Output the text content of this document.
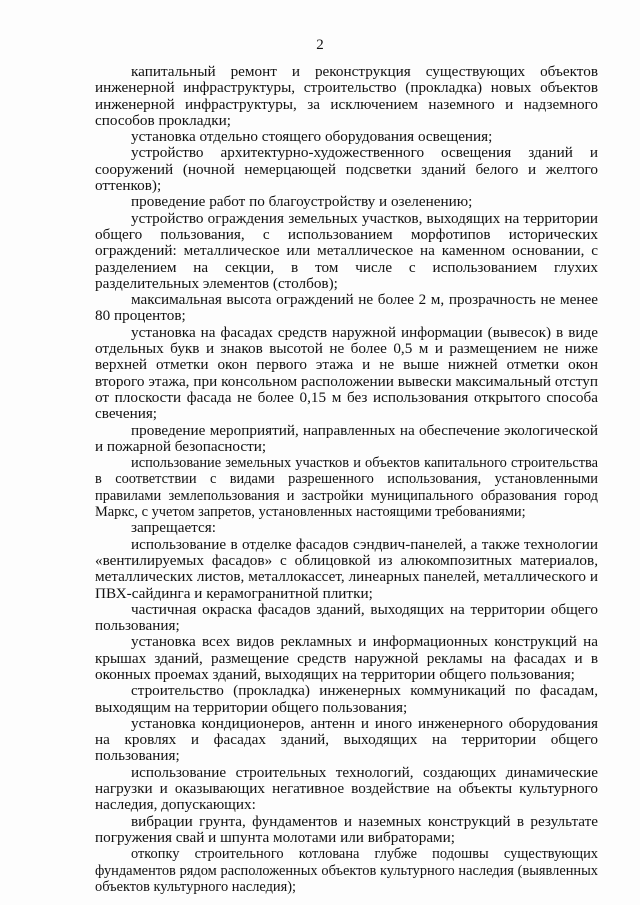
2

капитальный ремонт и реконструкция существующих объектов инженерной инфраструктуры, строительство (прокладка) новых объектов инженерной инфраструктуры, за исключением наземного и надземного способов прокладки;

установка отдельно стоящего оборудования освещения;

устройство архитектурно-художественного освещения зданий и сооружений (ночной немерцающей подсветки зданий белого и желтого оттенков);

проведение работ по благоустройству и озеленению;

устройство ограждения земельных участков, выходящих на территории общего пользования, с использованием морфотипов исторических ограждений: металлическое или металлическое на каменном основании, с разделением на секции, в том числе с использованием глухих разделительных элементов (столбов);

максимальная высота ограждений не более 2 м, прозрачность не менее 80 процентов;

установка на фасадах средств наружной информации (вывесок) в виде отдельных букв и знаков высотой не более 0,5 м и размещением не ниже верхней отметки окон первого этажа и не выше нижней отметки окон второго этажа, при консольном расположении вывески максимальный отступ от плоскости фасада не более 0,15 м без использования открытого способа свечения;

проведение мероприятий, направленных на обеспечение экологической и пожарной безопасности;

использование земельных участков и объектов капитального строительства в соответствии с видами разрешенного использования, установленными правилами землепользования и застройки муниципального образования город Маркс, с учетом запретов, установленных настоящими требованиями;

запрещается:

использование в отделке фасадов сэндвич-панелей, а также технологии «вентилируемых фасадов» с облицовкой из алюкомпозитных материалов, металлических листов, металлокассет, линеарных панелей, металлического и ПВХ-сайдинга и керамогранитной плитки;

частичная окраска фасадов зданий, выходящих на территории общего пользования;

установка всех видов рекламных и информационных конструкций на крышах зданий, размещение средств наружной рекламы на фасадах и в оконных проемах зданий, выходящих на территории общего пользования;

строительство (прокладка) инженерных коммуникаций по фасадам, выходящим на территории общего пользования;

установка кондиционеров, антенн и иного инженерного оборудования на кровлях и фасадах зданий, выходящих на территории общего пользования;

использование строительных технологий, создающих динамические нагрузки и оказывающих негативное воздействие на объекты культурного наследия, допускающих:

вибрации грунта, фундаментов и наземных конструкций в результате погружения свай и шпунта молотами или вибраторами;

откопку строительного котлована глубже подошвы существующих фундаментов рядом расположенных объектов культурного наследия (выявленных объектов культурного наследия);
